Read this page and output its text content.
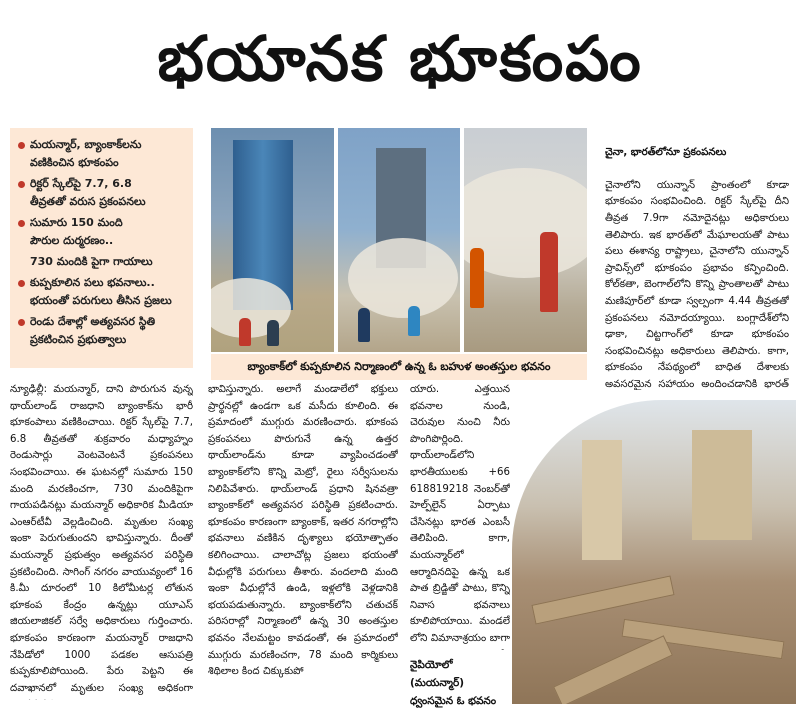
భయానక భూకంపం
మయన్మార్, బ్యాంకాక్‌లను
వణికించిన భూకంపం
రిక్టర్ స్కేల్‌పై 7.7, 6.8
తీవ్రతతో వరుస ప్రకంపనలు
సుమారు 150 మంది
పౌరుల దుర్మరణం..
730 మందికి పైగా గాయాలు
కుప్పకూలిన పలు భవనాలు..
భయంతో పరుగులు తీసిన ప్రజలు
రెండు దేశాల్లో అత్యవసర స్థితి
ప్రకటించిన ప్రభుత్వాలు
బ్యాంకాక్‌లో కుప్పకూలిన నిర్మాణంలో ఉన్న ఓ బహుళ అంతస్తుల భవనం

చైనా, భారత్‌లోనూ ప్రకంపనలు

చైనాలోని యున్నాన్ ప్రాంతంలో కూడా భూకంపం సంభవించింది. రిక్టర్ స్కేల్‌పై దీని తీవ్రత 7.9గా నమోదైనట్లు అధికారులు తెలిపారు. ఇక భారత్‌లో మేఘాలయతో పాటు పలు ఈశాన్య రాష్ట్రాలు, చైనాలోని యున్నాన్ ప్రావిన్స్‌లో భూకంపం ప్రభావం కన్పించింది. కోల్‌కతా, బెంగాల్‌లోని కొన్ని ప్రాంతాలతో పాటు మణిపూర్‌లో కూడా స్వల్పంగా 4.44 తీవ్రతతో ప్రకంపనలు నమోదయ్యాయి. బంగ్లాదేశ్‌లోని ఢాకా, చిట్టగాంగ్‌లో కూడా భూకంపం సంభవించినట్లు అధికారులు తెలిపారు. కాగా, భూకంపం నేపథ్యంలో బాధిత దేశాలకు అవసరమైన సహాయం అందించడానికి భారత్

న్యూఢిల్లీ: మయన్మార్, దాని పొరుగున వున్న థాయ్‌లాండ్ రాజధాని బ్యాంకాక్‌ను భారీ భూకంపాలు వణికించాయి. రిక్టర్ స్కేల్‌పై 7.7, 6.8 తీవ్రతతో శుక్రవారం మధ్యాహ్నం రెండుసార్లు వెంటవెంటనే ప్రకంపనలు సంభవించాయి. ఈ ఘటనల్లో సుమారు 150 మంది మరణించగా, 730 మందికిపైగా గాయపడినట్లు మయన్మార్ అధికారిక మీడియా ఎంఆర్‌టీవీ వెల్లడించింది. మృతుల సంఖ్య ఇంకా పెరుగుతుందని భావిస్తున్నారు. దీంతో మయన్మార్ ప్రభుత్వం అత్యవసర పరిస్థితి ప్రకటించింది. సాగింగ్ నగరం వాయువ్యంలో 16 కి.మీ దూరంలో 10 కిలోమీటర్ల లోతున భూకంప కేంద్రం ఉన్నట్లు యూఎస్ జియలాజికల్ సర్వే అధికారులు గుర్తించారు. భూకంపం కారణంగా మయన్మార్ రాజధాని నేపిడోలో 1000 పడకల ఆసుపత్రి కుప్పకూలిపోయింది. పేరు పెట్టని ఈ దవాఖానలో మృతుల సంఖ్య అధికంగా
భావిస్తున్నారు. అలాగే మండాలేలో భక్తులు ప్రార్థనల్లో ఉండగా ఒక మసీదు కూలింది. ఈ ప్రమాదంలో ముగ్గురు మరణించారు. భూకంప ప్రకంపనలు పొరుగునే ఉన్న ఉత్తర థాయ్‌లాండ్‌ను కూడా వ్యాపించడంతో బ్యాంకాక్‌లోని కొన్ని మెట్రో, రైలు సర్వీసులను నిలిపివేశారు. థాయ్‌లాండ్ ప్రధాని షినవత్రా బ్యాంకాక్‌లో అత్యవసర పరిస్థితి ప్రకటించారు. భూకంపం కారణంగా బ్యాంకాక్, ఇతర నగరాల్లోని భవనాలు వణికిన దృశ్యాలు భయోత్పాతం కలిగించాయి. చాలాచోట్ల ప్రజలు భయంతో వీధుల్లోకి పరుగులు తీశారు. వందలాది మంది ఇంకా వీధుల్లోనే ఉండి, ఇళ్లలోకి వెళ్లడానికి భయపడుతున్నారు. బ్యాంకాక్‌లోని చతుచక్ పరిసరాల్లో నిర్మాణంలో ఉన్న 30 అంతస్తుల భవనం నేలమట్టం కావడంతో, ఈ ప్రమాదంలో ముగ్గురు మరణించగా, 78 మంది కార్మికులు శిథిలాల కింద చిక్కుకుపో
యారు. ఎత్తయిన భవనాల నుండి, చెరువుల నుంచి నీరు పొంగిపొర్లింది. థాయ్‌లాండ్‌లోని భారతీయులకు +66 618819218 నెంబర్‌తో హెల్ప్‌లైన్ ఏర్పాటు చేసినట్లు భారత ఎంబసీ తెలిపింది. కాగా, మయన్మార్‌లో ఆర్మాదినదిపై ఉన్న ఒక పాత బ్రిడ్జితో పాటు, కొన్ని నివాస భవనాలు కూలిపోయాయి. మండలే లోని విమానాశ్రయం బాగా
నైపియోలో (మయన్మార్) ధ్వంసమైన ఓ భవనం
